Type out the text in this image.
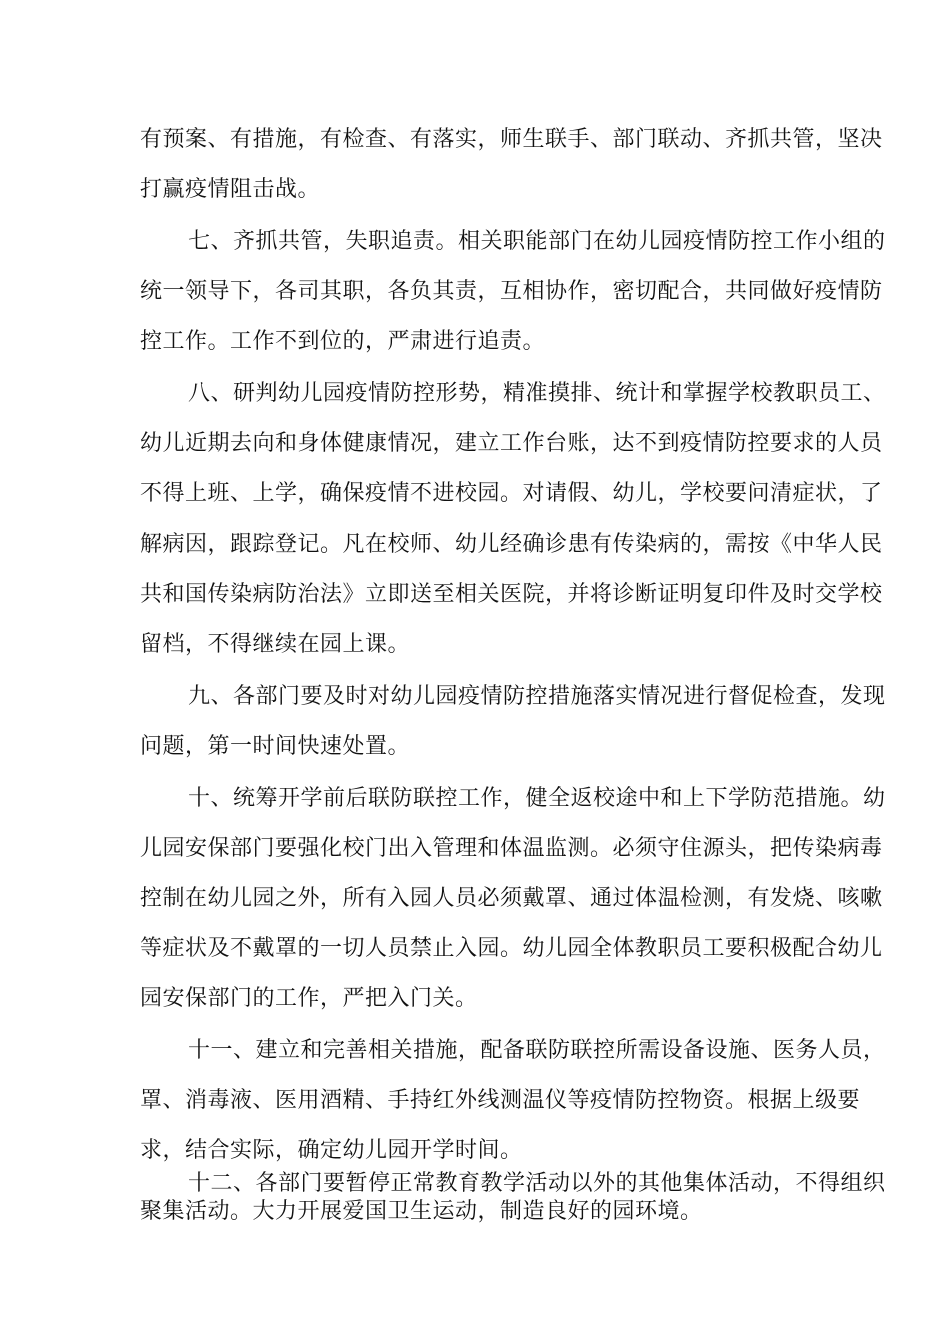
有预案、有措施，有检查、有落实，师生联手、部门联动、齐抓共管，坚决
打赢疫情阻击战。
七、齐抓共管，失职追责。相关职能部门在幼儿园疫情防控工作小组的
统一领导下，各司其职，各负其责，互相协作，密切配合，共同做好疫情防
控工作。工作不到位的，严肃进行追责。
八、研判幼儿园疫情防控形势，精准摸排、统计和掌握学校教职员工、
幼儿近期去向和身体健康情况，建立工作台账，达不到疫情防控要求的人员
不得上班、上学，确保疫情不进校园。对请假、幼儿，学校要问清症状，了
解病因，跟踪登记。凡在校师、幼儿经确诊患有传染病的，需按《中华人民
共和国传染病防治法》立即送至相关医院，并将诊断证明复印件及时交学校
留档，不得继续在园上课。
九、各部门要及时对幼儿园疫情防控措施落实情况进行督促检查，发现
问题，第一时间快速处置。
十、统筹开学前后联防联控工作，健全返校途中和上下学防范措施。幼
儿园安保部门要强化校门出入管理和体温监测。必须守住源头，把传染病毒
控制在幼儿园之外，所有入园人员必须戴罩、通过体温检测，有发烧、咳嗽
等症状及不戴罩的一切人员禁止入园。幼儿园全体教职员工要积极配合幼儿
园安保部门的工作，严把入门关。
十一、建立和完善相关措施，配备联防联控所需设备设施、医务人员，
罩、消毒液、医用酒精、手持红外线测温仪等疫情防控物资。根据上级要
求，结合实际，确定幼儿园开学时间。
十二、各部门要暂停正常教育教学活动以外的其他集体活动，不得组织
聚集活动。大力开展爱国卫生运动，制造良好的园环境。
